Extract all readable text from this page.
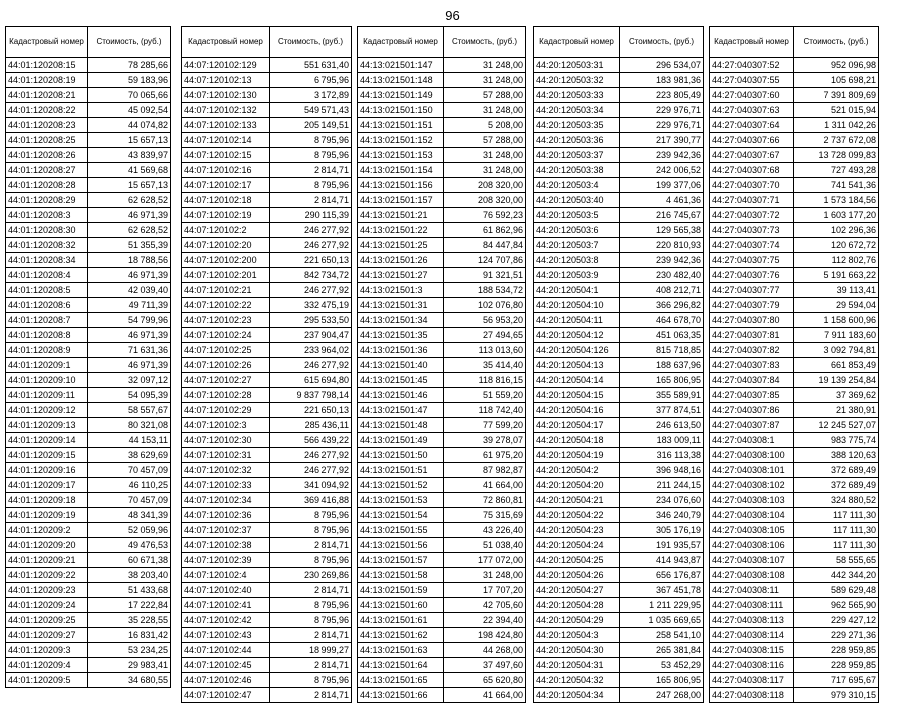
96
Кадастровый номер	Стоимость, (руб.)
44:01:120208:15	78 285,66
44:01:120208:19	59 183,96
44:01:120208:21	70 065,66
44:01:120208:22	45 092,54
44:01:120208:23	44 074,82
44:01:120208:25	15 657,13
44:01:120208:26	43 839,97
44:01:120208:27	41 569,68
44:01:120208:28	15 657,13
44:01:120208:29	62 628,52
44:01:120208:3	46 971,39
44:01:120208:30	62 628,52
44:01:120208:32	51 355,39
44:01:120208:34	18 788,56
44:01:120208:4	46 971,39
44:01:120208:5	42 039,40
44:01:120208:6	49 711,39
44:01:120208:7	54 799,96
44:01:120208:8	46 971,39
44:01:120208:9	71 631,36
44:01:120209:1	46 971,39
44:01:120209:10	32 097,12
44:01:120209:11	54 095,39
44:01:120209:12	58 557,67
44:01:120209:13	80 321,08
44:01:120209:14	44 153,11
44:01:120209:15	38 629,69
44:01:120209:16	70 457,09
44:01:120209:17	46 110,25
44:01:120209:18	70 457,09
44:01:120209:19	48 341,39
44:01:120209:2	52 059,96
44:01:120209:20	49 476,53
44:01:120209:21	60 671,38
44:01:120209:22	38 203,40
44:01:120209:23	51 433,68
44:01:120209:24	17 222,84
44:01:120209:25	35 228,55
44:01:120209:27	16 831,42
44:01:120209:3	53 234,25
44:01:120209:4	29 983,41
44:01:120209:5	34 680,55
Кадастровый номер	Стоимость, (руб.)
44:07:120102:129	551 631,40
44:07:120102:13	6 795,96
44:07:120102:130	3 172,89
44:07:120102:132	549 571,43
44:07:120102:133	205 149,51
44:07:120102:14	8 795,96
44:07:120102:15	8 795,96
44:07:120102:16	2 814,71
44:07:120102:17	8 795,96
44:07:120102:18	2 814,71
44:07:120102:19	290 115,39
44:07:120102:2	246 277,92
44:07:120102:20	246 277,92
44:07:120102:200	221 650,13
44:07:120102:201	842 734,72
44:07:120102:21	246 277,92
44:07:120102:22	332 475,19
44:07:120102:23	295 533,50
44:07:120102:24	237 904,47
44:07:120102:25	233 964,02
44:07:120102:26	246 277,92
44:07:120102:27	615 694,80
44:07:120102:28	9 837 798,14
44:07:120102:29	221 650,13
44:07:120102:3	285 436,11
44:07:120102:30	566 439,22
44:07:120102:31	246 277,92
44:07:120102:32	246 277,92
44:07:120102:33	341 094,92
44:07:120102:34	369 416,88
44:07:120102:36	8 795,96
44:07:120102:37	8 795,96
44:07:120102:38	2 814,71
44:07:120102:39	8 795,96
44:07:120102:4	230 269,86
44:07:120102:40	2 814,71
44:07:120102:41	8 795,96
44:07:120102:42	8 795,96
44:07:120102:43	2 814,71
44:07:120102:44	18 999,27
44:07:120102:45	2 814,71
44:07:120102:46	8 795,96
44:07:120102:47	2 814,71
Кадастровый номер	Стоимость, (руб.)
44:13:021501:147	31 248,00
44:13:021501:148	31 248,00
44:13:021501:149	57 288,00
44:13:021501:150	31 248,00
44:13:021501:151	5 208,00
44:13:021501:152	57 288,00
44:13:021501:153	31 248,00
44:13:021501:154	31 248,00
44:13:021501:156	208 320,00
44:13:021501:157	208 320,00
44:13:021501:21	76 592,23
44:13:021501:22	61 862,96
44:13:021501:25	84 447,84
44:13:021501:26	124 707,86
44:13:021501:27	91 321,51
44:13:021501:3	188 534,72
44:13:021501:31	102 076,80
44:13:021501:34	56 953,20
44:13:021501:35	27 494,65
44:13:021501:36	113 013,60
44:13:021501:40	35 414,40
44:13:021501:45	118 816,15
44:13:021501:46	51 559,20
44:13:021501:47	118 742,40
44:13:021501:48	77 599,20
44:13:021501:49	39 278,07
44:13:021501:50	61 975,20
44:13:021501:51	87 982,87
44:13:021501:52	41 664,00
44:13:021501:53	72 860,81
44:13:021501:54	75 315,69
44:13:021501:55	43 226,40
44:13:021501:56	51 038,40
44:13:021501:57	177 072,00
44:13:021501:58	31 248,00
44:13:021501:59	17 707,20
44:13:021501:60	42 705,60
44:13:021501:61	22 394,40
44:13:021501:62	198 424,80
44:13:021501:63	44 268,00
44:13:021501:64	37 497,60
44:13:021501:65	65 620,80
44:13:021501:66	41 664,00
Кадастровый номер	Стоимость, (руб.)
44:20:120503:31	296 534,07
44:20:120503:32	183 981,36
44:20:120503:33	223 805,49
44:20:120503:34	229 976,71
44:20:120503:35	229 976,71
44:20:120503:36	217 390,77
44:20:120503:37	239 942,36
44:20:120503:38	242 006,52
44:20:120503:4	199 377,06
44:20:120503:40	4 461,36
44:20:120503:5	216 745,67
44:20:120503:6	129 565,38
44:20:120503:7	220 810,93
44:20:120503:8	239 942,36
44:20:120503:9	230 482,40
44:20:120504:1	408 212,71
44:20:120504:10	366 296,82
44:20:120504:11	464 678,70
44:20:120504:12	451 063,35
44:20:120504:126	815 718,85
44:20:120504:13	188 637,96
44:20:120504:14	165 806,95
44:20:120504:15	355 589,91
44:20:120504:16	377 874,51
44:20:120504:17	246 613,50
44:20:120504:18	183 009,11
44:20:120504:19	316 113,38
44:20:120504:2	396 948,16
44:20:120504:20	211 244,15
44:20:120504:21	234 076,60
44:20:120504:22	346 240,79
44:20:120504:23	305 176,19
44:20:120504:24	191 935,57
44:20:120504:25	414 943,87
44:20:120504:26	656 176,87
44:20:120504:27	367 451,78
44:20:120504:28	1 211 229,95
44:20:120504:29	1 035 669,65
44:20:120504:3	258 541,10
44:20:120504:30	265 381,84
44:20:120504:31	53 452,29
44:20:120504:32	165 806,95
44:20:120504:34	247 268,00
Кадастровый номер	Стоимость, (руб.)
44:27:040307:52	952 096,98
44:27:040307:55	105 698,21
44:27:040307:60	7 391 809,69
44:27:040307:63	521 015,94
44:27:040307:64	1 311 042,26
44:27:040307:66	2 737 672,08
44:27:040307:67	13 728 099,83
44:27:040307:68	727 493,28
44:27:040307:70	741 541,36
44:27:040307:71	1 573 184,56
44:27:040307:72	1 603 177,20
44:27:040307:73	102 296,36
44:27:040307:74	120 672,72
44:27:040307:75	112 802,76
44:27:040307:76	5 191 663,22
44:27:040307:77	39 113,41
44:27:040307:79	29 594,04
44:27:040307:80	1 158 600,96
44:27:040307:81	7 911 183,60
44:27:040307:82	3 092 794,81
44:27:040307:83	661 853,49
44:27:040307:84	19 139 254,84
44:27:040307:85	37 369,62
44:27:040307:86	21 380,91
44:27:040307:87	12 245 527,07
44:27:040308:1	983 775,74
44:27:040308:100	388 120,63
44:27:040308:101	372 689,49
44:27:040308:102	372 689,49
44:27:040308:103	324 880,52
44:27:040308:104	117 111,30
44:27:040308:105	117 111,30
44:27:040308:106	117 111,30
44:27:040308:107	58 555,65
44:27:040308:108	442 344,20
44:27:040308:11	589 629,48
44:27:040308:111	962 565,90
44:27:040308:113	229 427,12
44:27:040308:114	229 271,36
44:27:040308:115	228 959,85
44:27:040308:116	228 959,85
44:27:040308:117	717 695,67
44:27:040308:118	979 310,15
